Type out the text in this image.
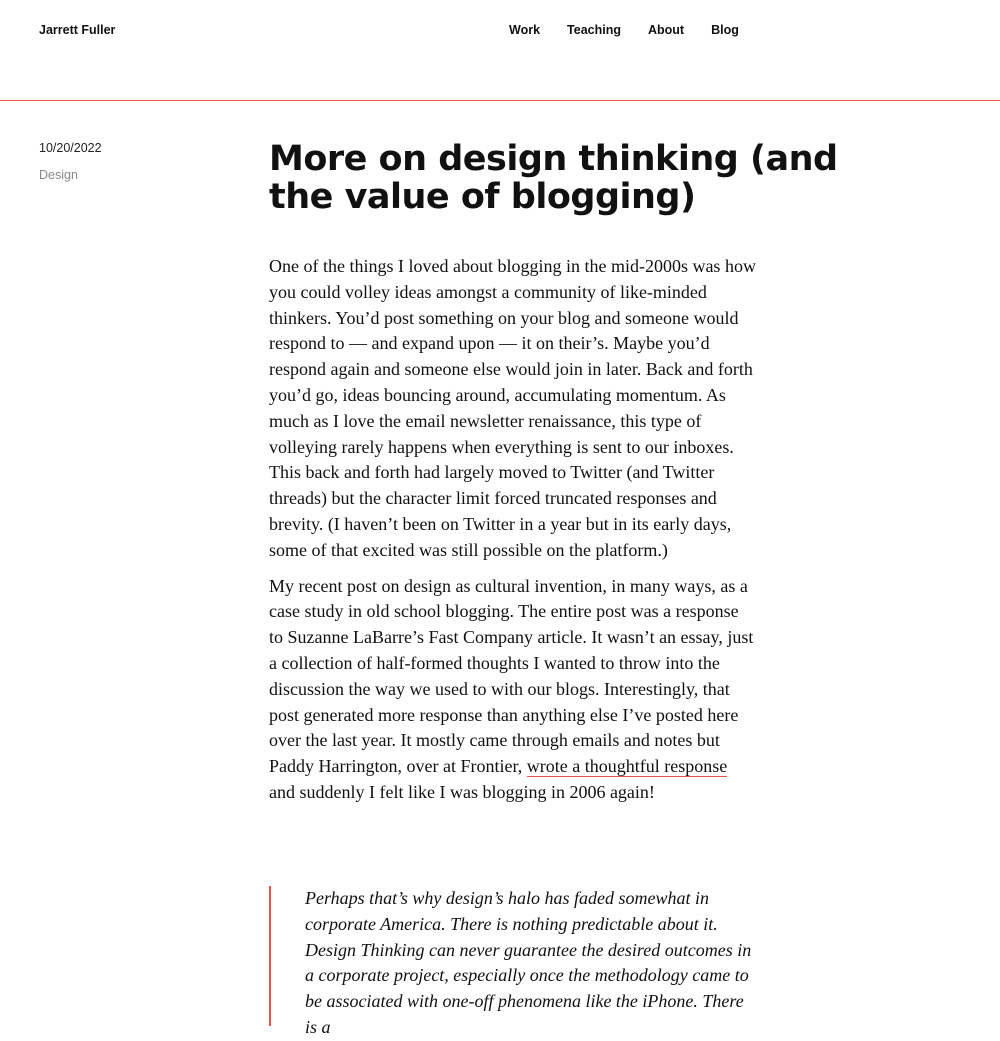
Jarrett Fuller	Work Teaching About Blog
10/20/2022
Design	More on design thinking (and the value of blogging)

One of the things I loved about blogging in the mid-2000s was how you could volley ideas amongst a community of like-minded thinkers. You’d post something on your blog and someone would respond to — and expand upon — it on their’s. Maybe you’d respond again and someone else would join in later. Back and forth you’d go, ideas bouncing around, accumulating momentum. As much as I love the email newsletter renaissance, this type of volleying rarely happens when everything is sent to our inboxes. This back and forth had largely moved to Twitter (and Twitter threads) but the character limit forced truncated responses and brevity. (I haven’t been on Twitter in a year but in its early days, some of that excited was still possible on the platform.)

My recent post on design as cultural invention, in many ways, as a case study in old school blogging. The entire post was a response to Suzanne LaBarre’s Fast Company article. It wasn’t an essay, just a collection of half-formed thoughts I wanted to throw into the discussion the way we used to with our blogs. Interestingly, that post generated more response than anything else I’ve posted here over the last year. It mostly came through emails and notes but Paddy Harrington, over at Frontier, wrote a thoughtful response and suddenly I felt like I was blogging in 2006 again!

Perhaps that’s why design’s halo has faded somewhat in corporate America. There is nothing predictable about it. Design Thinking can never guarantee the desired outcomes in a corporate project, especially once the methodology came to be associated with one-off phenomena like the iPhone. There is a
